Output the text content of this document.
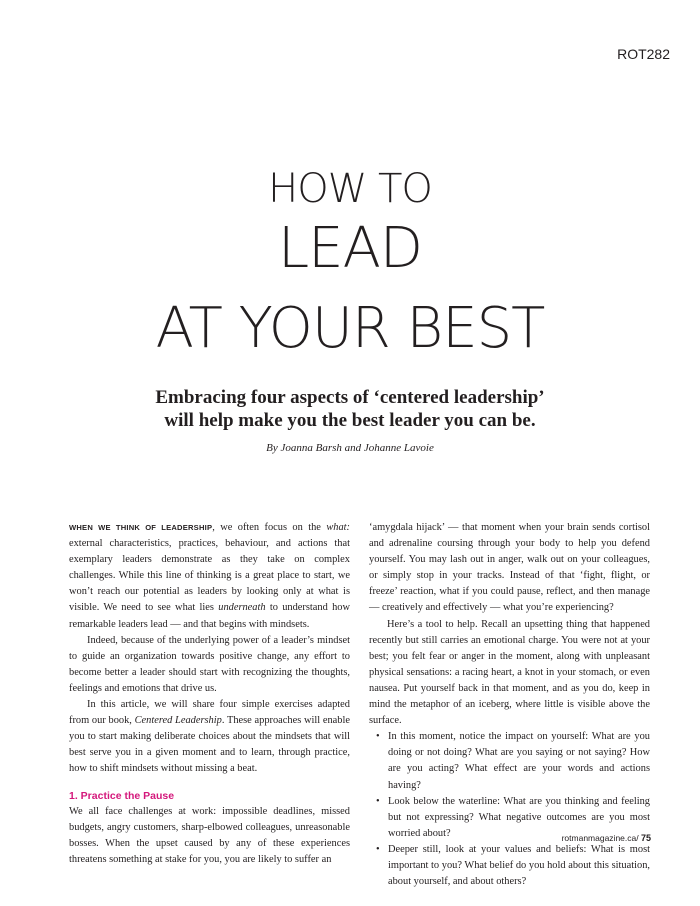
ROT282
HOW TO
LEAD
AT YOUR BEST
Embracing four aspects of ‘centered leadership’
will help make you the best leader you can be.
By Joanna Barsh and Johanne Lavoie

WHEN WE THINK OF LEADERSHIP, we often focus on the what: external characteristics, practices, behaviour, and actions that exemplary leaders demonstrate as they take on complex challenges. While this line of thinking is a great place to start, we won’t reach our potential as leaders by looking only at what is visible. We need to see what lies underneath to understand how remarkable leaders lead — and that begins with mindsets.

Indeed, because of the underlying power of a leader’s mindset to guide an organization towards positive change, any effort to become better a leader should start with recognizing the thoughts, feelings and emotions that drive us.

In this article, we will share four simple exercises adapted from our book, Centered Leadership. These approaches will enable you to start making deliberate choices about the mindsets that will best serve you in a given moment and to learn, through practice, how to shift mindsets without missing a beat.

1. Practice the Pause

We all face challenges at work: impossible deadlines, missed budgets, angry customers, sharp-elbowed colleagues, unreasonable bosses. When the upset caused by any of these experiences threatens something at stake for you, you are likely to suffer an

‘amygdala hijack’ — that moment when your brain sends cortisol and adrenaline coursing through your body to help you defend yourself. You may lash out in anger, walk out on your colleagues, or simply stop in your tracks. Instead of that ‘fight, flight, or freeze’ reaction, what if you could pause, reflect, and then manage — creatively and effectively — what you’re experiencing?

Here’s a tool to help. Recall an upsetting thing that happened recently but still carries an emotional charge. You were not at your best; you felt fear or anger in the moment, along with unpleasant physical sensations: a racing heart, a knot in your stomach, or even nausea. Put yourself back in that moment, and as you do, keep in mind the metaphor of an iceberg, where little is visible above the surface.

• In this moment, notice the impact on yourself: What are you doing or not doing? What are you saying or not saying? How are you acting? What effect are your words and actions having?
• Look below the waterline: What are you thinking and feeling but not expressing? What negative outcomes are you most worried about?
• Deeper still, look at your values and beliefs: What is most important to you? What belief do you hold about this situation, about yourself, and about others?
rotmanmagazine.ca/ 75
